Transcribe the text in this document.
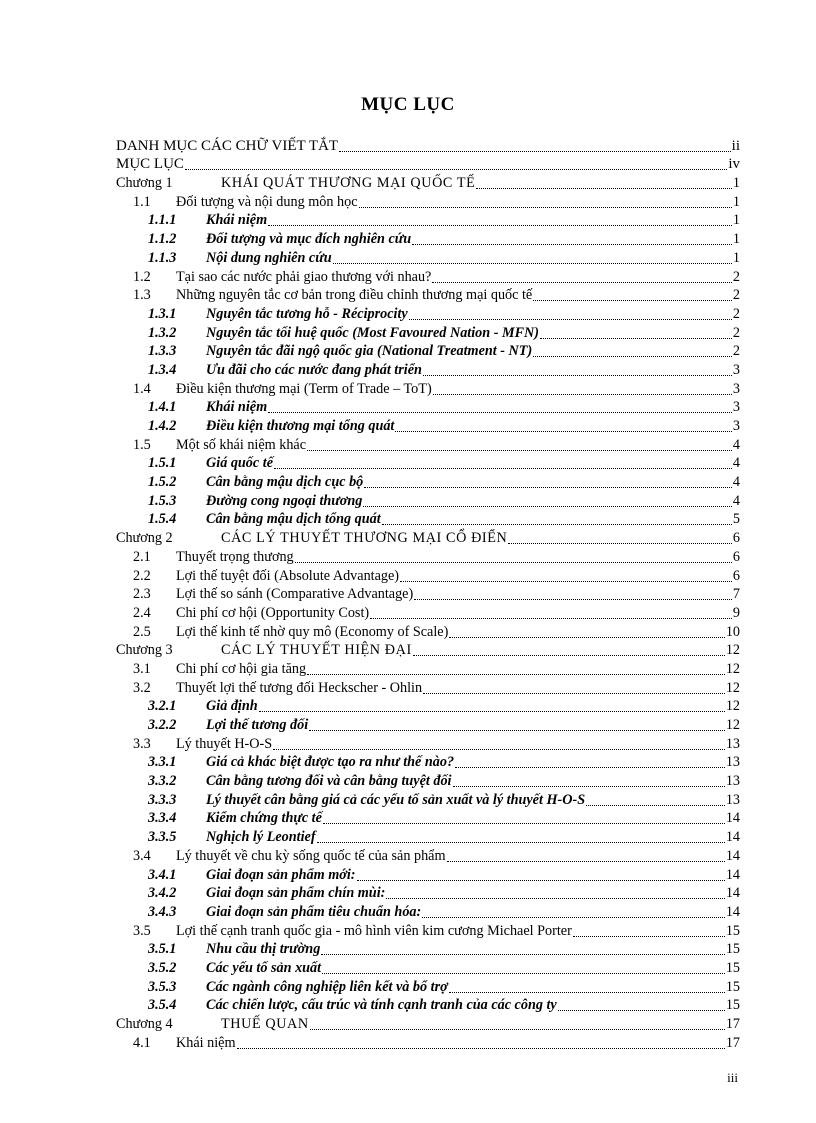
MỤC LỤC
DANH MỤC CÁC CHỮ VIẾT TẮT	ii
MỤC LỤC	iv
Chương 1	KHÁI QUÁT THƯƠNG MẠI QUỐC TẾ	1
1.1	Đối tượng và nội dung môn học	1
1.1.1	Khái niệm	1
1.1.2	Đối tượng và mục đích nghiên cứu	1
1.1.3	Nội dung nghiên cứu	1
1.2	Tại sao các nước phải giao thương với nhau?	2
1.3	Những nguyên tắc cơ bản trong điều chỉnh thương mại quốc tế	2
1.3.1	Nguyên tắc tương hỗ - Réciprocity	2
1.3.2	Nguyên tắc tối huệ quốc (Most Favoured Nation - MFN)	2
1.3.3	Nguyên tắc đãi ngộ quốc gia (National Treatment - NT)	2
1.3.4	Ưu đãi cho các nước đang phát triển	3
1.4	Điều kiện thương mại (Term of Trade – ToT)	3
1.4.1	Khái niệm	3
1.4.2	Điều kiện thương mại tổng quát	3
1.5	Một số khái niệm khác	4
1.5.1	Giá quốc tế	4
1.5.2	Cân bằng mậu dịch cục bộ	4
1.5.3	Đường cong ngoại thương	4
1.5.4	Cân bằng mậu dịch tổng quát	5
Chương 2	CÁC LÝ THUYẾT THƯƠNG MẠI CỔ ĐIỂN	6
2.1	Thuyết trọng thương	6
2.2	Lợi thế tuyệt đối (Absolute Advantage)	6
2.3	Lợi thế so sánh (Comparative Advantage)	7
2.4	Chi phí cơ hội (Opportunity Cost)	9
2.5	Lợi thế kinh tế nhờ quy mô (Economy of Scale)	10
Chương 3	CÁC LÝ THUYẾT HIỆN ĐẠI	12
3.1	Chi phí cơ hội gia tăng	12
3.2	Thuyết lợi thế tương đối Heckscher - Ohlin	12
3.2.1	Giả định	12
3.2.2	Lợi thế tương đối	12
3.3	Lý thuyết H-O-S	13
3.3.1	Giá cả khác biệt được tạo ra như thế nào?	13
3.3.2	Cân bằng tương đối và cân bằng tuyệt đối	13
3.3.3	Lý thuyết cân bằng giá cả các yếu tố sản xuất và lý thuyết H-O-S	13
3.3.4	Kiểm chứng thực tế	14
3.3.5	Nghịch lý Leontief	14
3.4	Lý thuyết về chu kỳ sống quốc tế của sản phẩm	14
3.4.1	Giai đoạn sản phẩm mới:	14
3.4.2	Giai đoạn sản phẩm chín mùi:	14
3.4.3	Giai đoạn sản phẩm tiêu chuẩn hóa:	14
3.5	Lợi thế cạnh tranh quốc gia - mô hình viên kim cương Michael Porter	15
3.5.1	Nhu cầu thị trường	15
3.5.2	Các yếu tố sản xuất	15
3.5.3	Các ngành công nghiệp liên kết và bổ trợ	15
3.5.4	Các chiến lược, cấu trúc và tính cạnh tranh của các công ty	15
Chương 4	THUẾ QUAN	17
4.1	Khái niệm	17
iii
